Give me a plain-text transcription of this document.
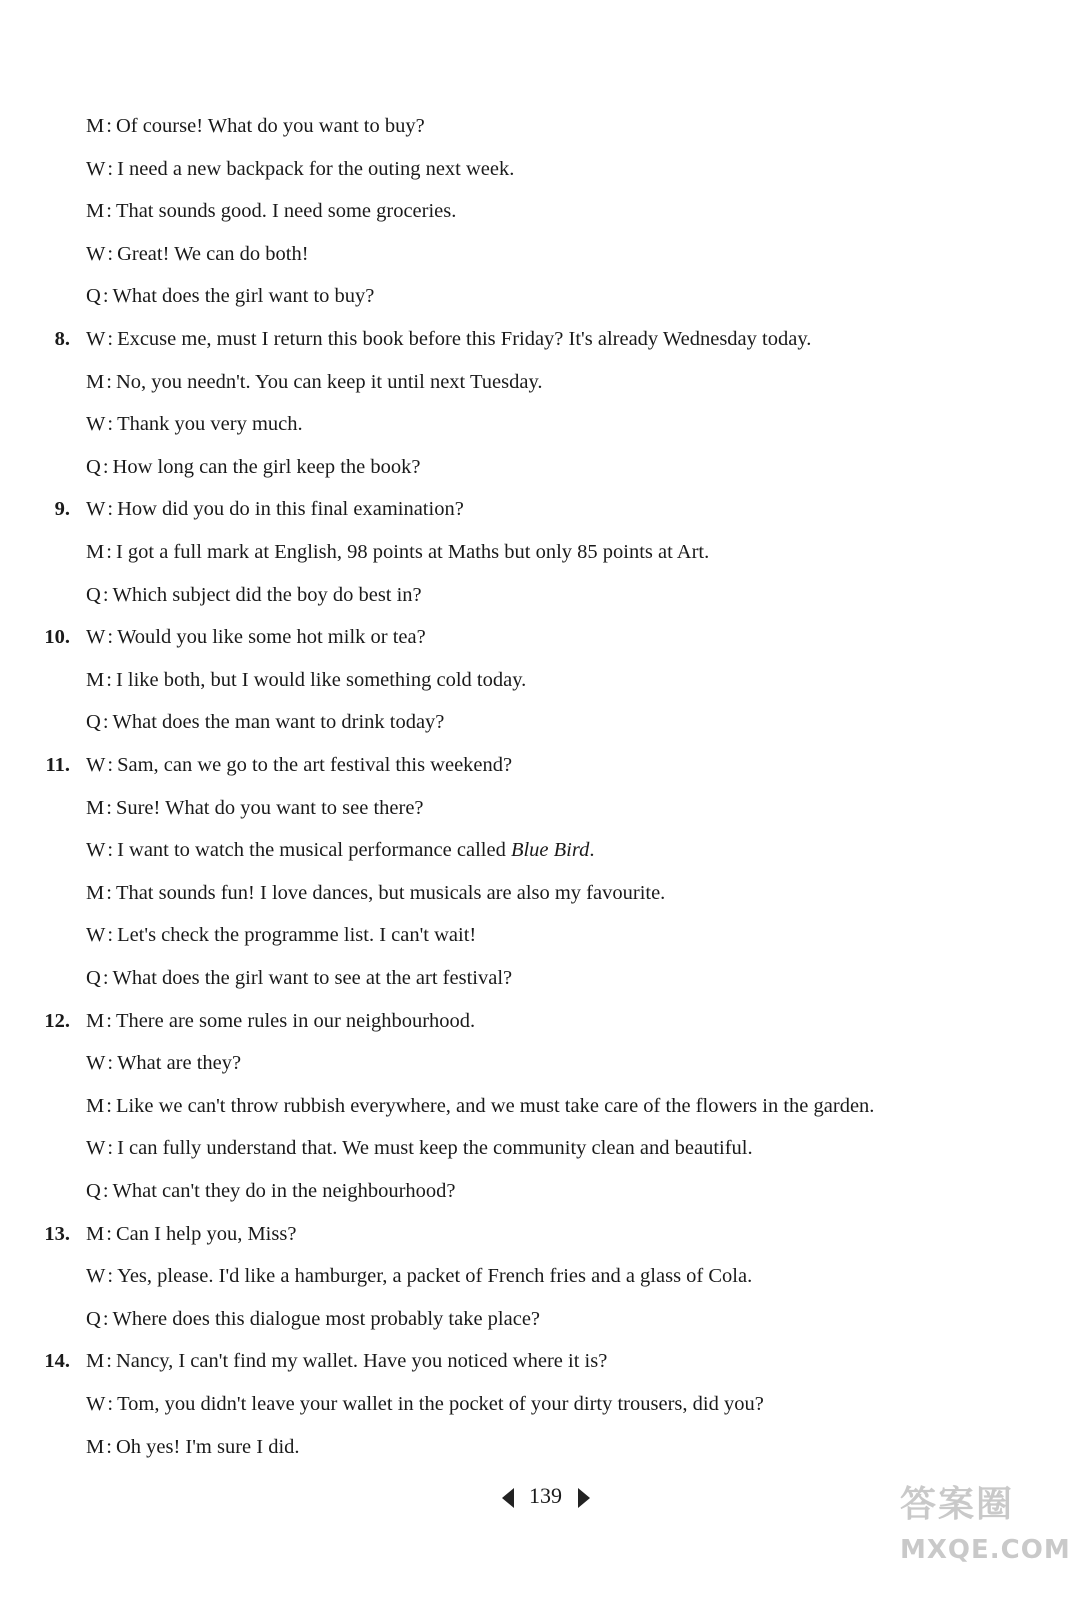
M: Of course! What do you want to buy?
W: I need a new backpack for the outing next week.
M: That sounds good. I need some groceries.
W: Great! We can do both!
Q: What does the girl want to buy?
8. W: Excuse me, must I return this book before this Friday? It's already Wednesday today.
M: No, you needn't. You can keep it until next Tuesday.
W: Thank you very much.
Q: How long can the girl keep the book?
9. W: How did you do in this final examination?
M: I got a full mark at English, 98 points at Maths but only 85 points at Art.
Q: Which subject did the boy do best in?
10. W: Would you like some hot milk or tea?
M: I like both, but I would like something cold today.
Q: What does the man want to drink today?
11. W: Sam, can we go to the art festival this weekend?
M: Sure! What do you want to see there?
W: I want to watch the musical performance called Blue Bird.
M: That sounds fun! I love dances, but musicals are also my favourite.
W: Let's check the programme list. I can't wait!
Q: What does the girl want to see at the art festival?
12. M: There are some rules in our neighbourhood.
W: What are they?
M: Like we can't throw rubbish everywhere, and we must take care of the flowers in the garden.
W: I can fully understand that. We must keep the community clean and beautiful.
Q: What can't they do in the neighbourhood?
13. M: Can I help you, Miss?
W: Yes, please. I'd like a hamburger, a packet of French fries and a glass of Cola.
Q: Where does this dialogue most probably take place?
14. M: Nancy, I can't find my wallet. Have you noticed where it is?
W: Tom, you didn't leave your wallet in the pocket of your dirty trousers, did you?
M: Oh yes! I'm sure I did.
139	答案圈
MXQE.COM
